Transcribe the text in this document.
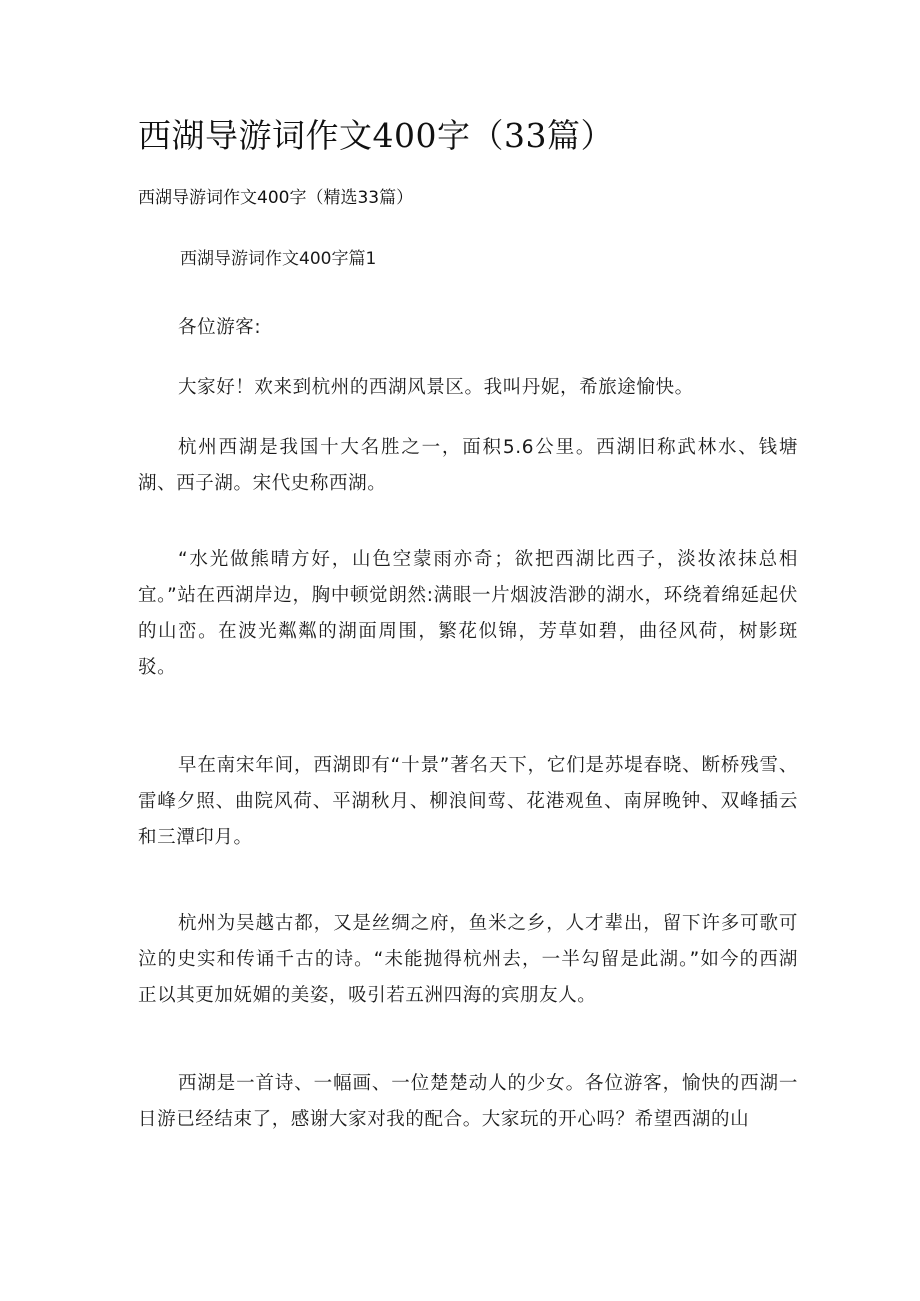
西湖导游词作文400字（33篇）
西湖导游词作文400字（精选33篇）
西湖导游词作文400字篇1

各位游客:

大家好！欢来到杭州的西湖风景区。我叫丹妮，希旅途愉快。

杭州西湖是我国十大名胜之一，面积5.6公里。西湖旧称武林水、钱塘湖、西子湖。宋代史称西湖。

“水光做熊晴方好，山色空蒙雨亦奇；欲把西湖比西子，淡妆浓抹总相宜。”站在西湖岸边，胸中顿觉朗然:满眼一片烟波浩渺的湖水，环绕着绵延起伏的山峦。在波光粼粼的湖面周围，繁花似锦，芳草如碧，曲径风荷，树影斑驳。

早在南宋年间，西湖即有“十景”著名天下，它们是苏堤春晓、断桥残雪、雷峰夕照、曲院风荷、平湖秋月、柳浪间莺、花港观鱼、南屏晚钟、双峰插云和三潭印月。

杭州为吴越古都，又是丝绸之府，鱼米之乡，人才辈出，留下许多可歌可泣的史实和传诵千古的诗。“未能抛得杭州去，一半勾留是此湖。”如今的西湖正以其更加妩媚的美姿，吸引若五洲四海的宾朋友人。

西湖是一首诗、一幅画、一位楚楚动人的少女。各位游客，愉快的西湖一日游已经结束了，感谢大家对我的配合。大家玩的开心吗？希望西湖的山
